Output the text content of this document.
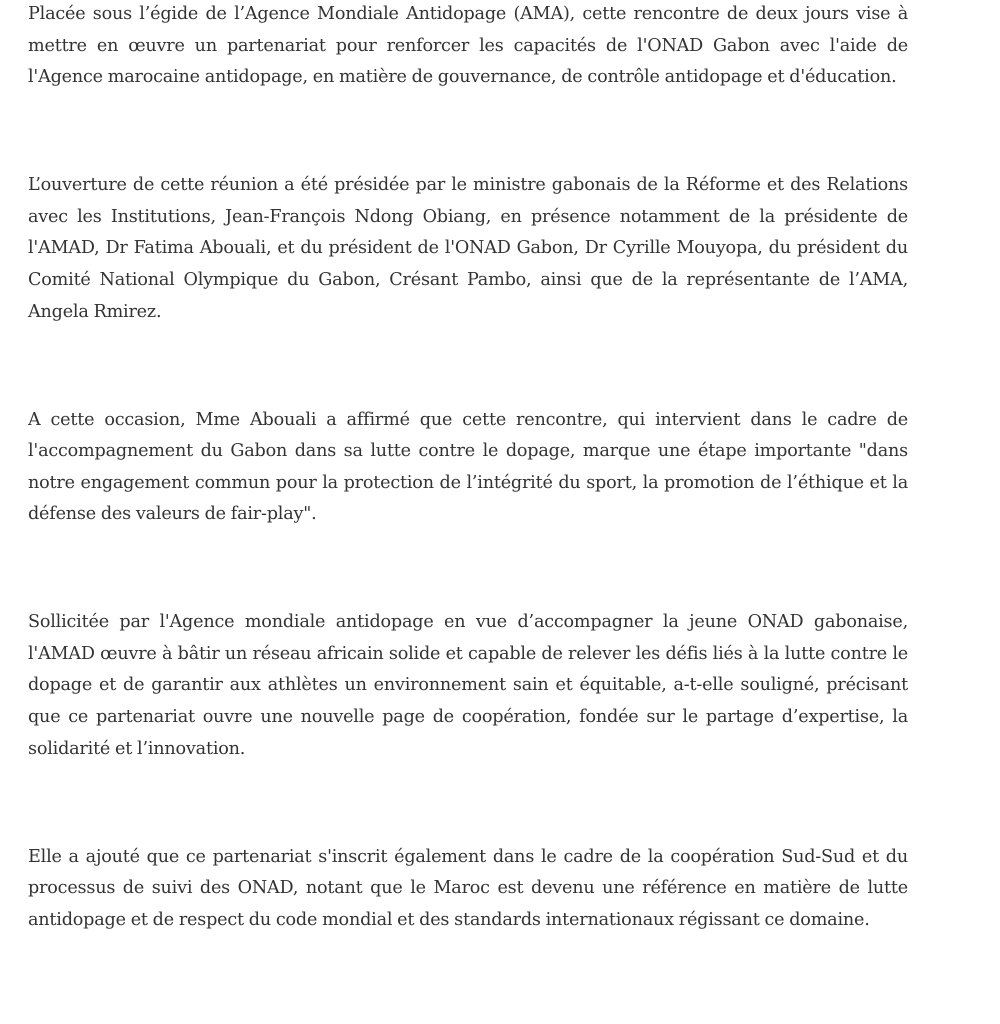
Placée sous l’égide de l’Agence Mondiale Antidopage (AMA), cette rencontre de deux jours vise à mettre en œuvre un partenariat pour renforcer les capacités de l'ONAD Gabon avec l'aide de l'Agence marocaine antidopage, en matière de gouvernance, de contrôle antidopage et d'éducation.

L’ouverture de cette réunion a été présidée par le ministre gabonais de la Réforme et des Relations avec les Institutions, Jean-François Ndong Obiang, en présence notamment de la présidente de l'AMAD, Dr Fatima Abouali, et du président de l'ONAD Gabon, Dr Cyrille Mouyopa, du président du Comité National Olympique du Gabon, Crésant Pambo, ainsi que de la représentante de l’AMA, Angela Rmirez.

A cette occasion, Mme Abouali a affirmé que cette rencontre, qui intervient dans le cadre de l'accompagnement du Gabon dans sa lutte contre le dopage, marque une étape importante "dans notre engagement commun pour la protection de l’intégrité du sport, la promotion de l’éthique et la défense des valeurs de fair-play".

Sollicitée par l'Agence mondiale antidopage en vue d’accompagner la jeune ONAD gabonaise, l'AMAD œuvre à bâtir un réseau africain solide et capable de relever les défis liés à la lutte contre le dopage et de garantir aux athlètes un environnement sain et équitable, a-t-elle souligné, précisant que ce partenariat ouvre une nouvelle page de coopération, fondée sur le partage d’expertise, la solidarité et l’innovation.

Elle a ajouté que ce partenariat s'inscrit également dans le cadre de la coopération Sud-Sud et du processus de suivi des ONAD, notant que le Maroc est devenu une référence en matière de lutte antidopage et de respect du code mondial et des standards internationaux régissant ce domaine.
